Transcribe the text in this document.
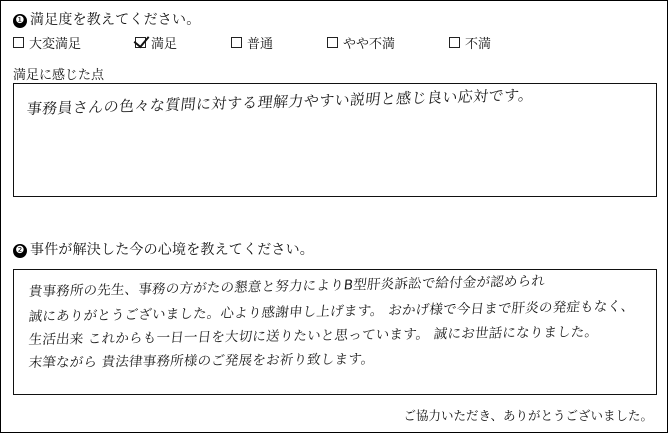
❶ 満足度を教えてください。
大変満足	満足	普通	やや不満	不満
満足に感じた点
事務員さんの色々な質問に対する理解力やすい説明と感じ良い応対です。
❷ 事件が解決した今の心境を教えてください。
貴事務所の先生、事務の方がたの懇意と努力によりB型肝炎訴訟で給付金が認められ
誠にありがとうございました。心より感謝申し上げます。 おかげ様で今日まで肝炎の発症もなく、
生活出来 これからも一日一日を大切に送りたいと思っています。 誠にお世話になりました。
末筆ながら 貴法律事務所様のご発展をお祈り致します。
ご協力いただき、ありがとうございました。
